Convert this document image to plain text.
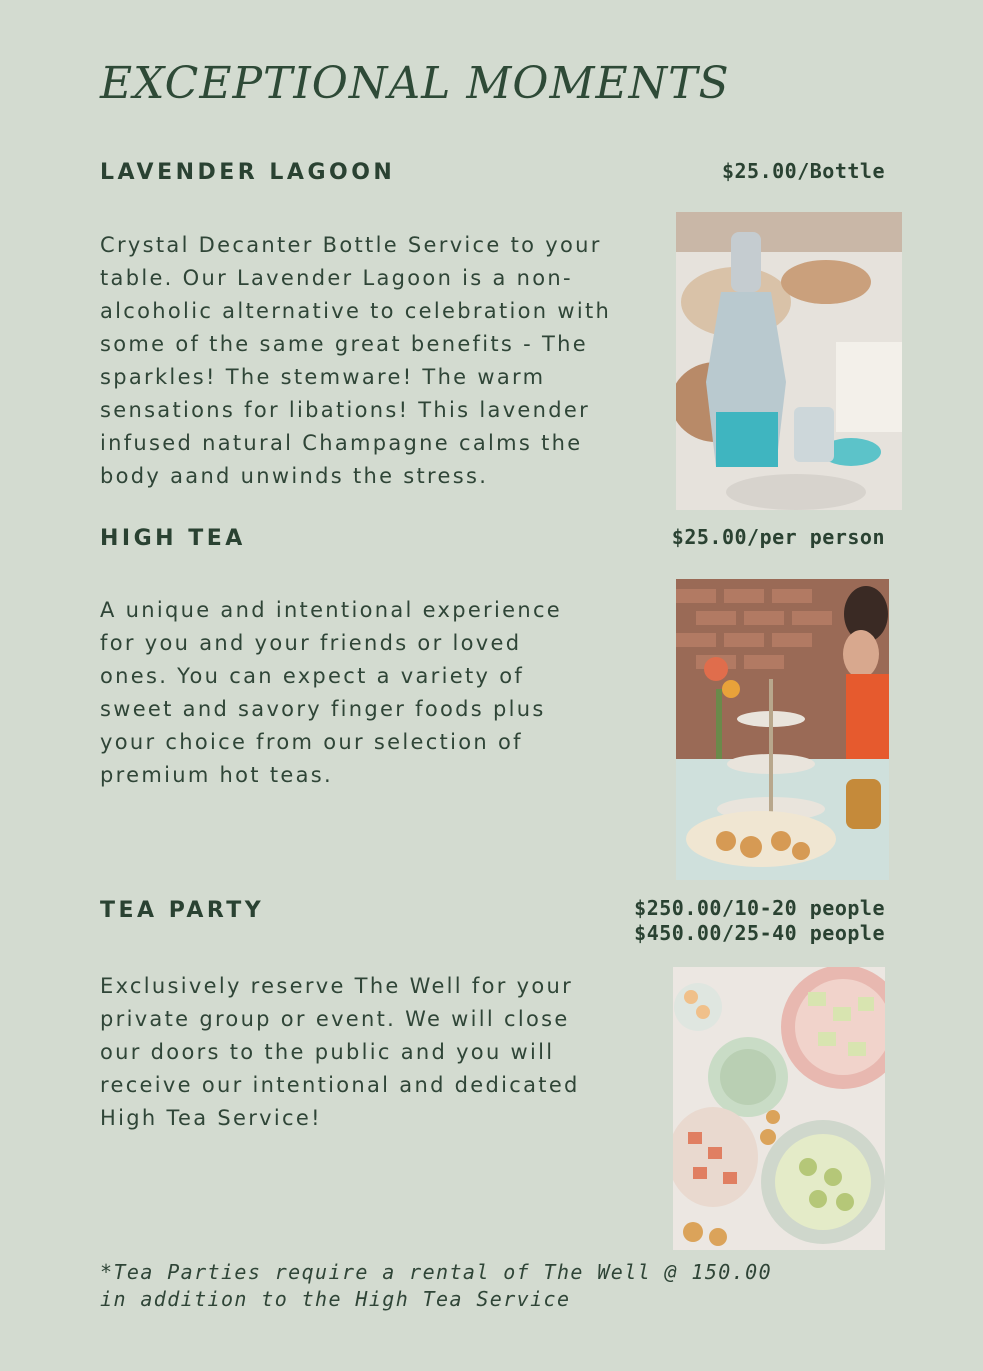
EXCEPTIONAL MOMENTS
LAVENDER LAGOON	$25.00/Bottle

Crystal Decanter Bottle Service to your table. Our Lavender Lagoon is a non-alcoholic alternative to celebration with some of the same great benefits - The sparkles! The stemware! The warm sensations for libations! This lavender infused natural Champagne calms the body aand unwinds the stress.

HIGH TEA	$25.00/per person

A unique and intentional experience for you and your friends or loved ones. You can expect a variety of sweet and savory finger foods plus your choice from our selection of premium hot teas.

TEA PARTY	$250.00/10-20 people
$450.00/25-40 people

Exclusively reserve The Well for your private group or event. We will close our doors to the public and you will receive our intentional and dedicated High Tea Service!

*Tea Parties require a rental of The Well @ 150.00
in addition to the High Tea Service
